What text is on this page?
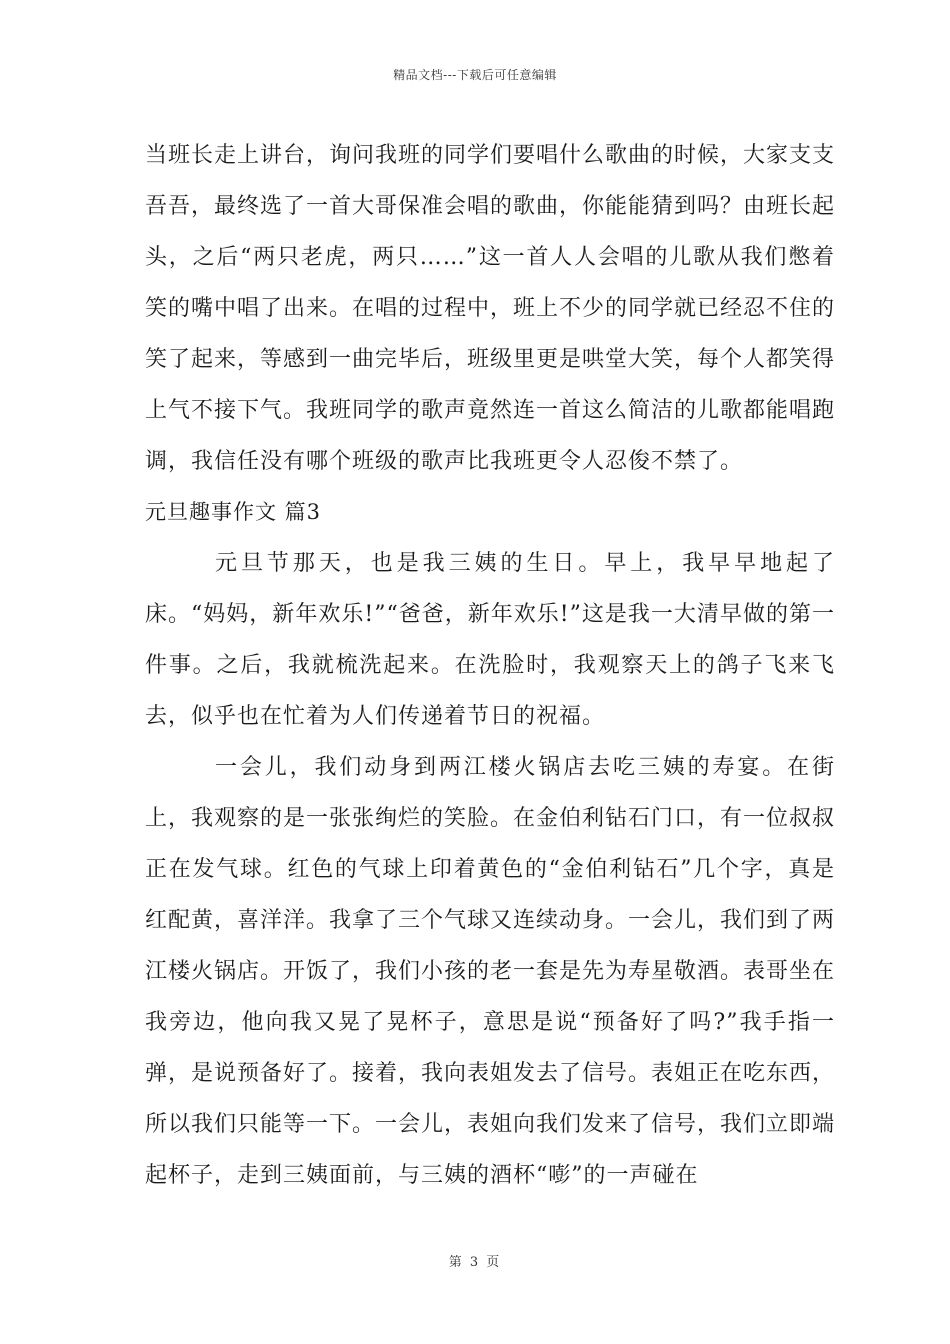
精品文档---下载后可任意编辑

当班长走上讲台，询问我班的同学们要唱什么歌曲的时候，大家支支吾吾，最终选了一首大哥保准会唱的歌曲，你能能猜到吗？由班长起头，之后“两只老虎，两只……”这一首人人会唱的儿歌从我们憋着笑的嘴中唱了出来。在唱的过程中，班上不少的同学就已经忍不住的笑了起来，等感到一曲完毕后，班级里更是哄堂大笑，每个人都笑得上气不接下气。我班同学的歌声竟然连一首这么简洁的儿歌都能唱跑调，我信任没有哪个班级的歌声比我班更令人忍俊不禁了。

元旦趣事作文 篇3

元旦节那天，也是我三姨的生日。早上，我早早地起了床。“妈妈，新年欢乐!”“爸爸，新年欢乐!”这是我一大清早做的第一件事。之后，我就梳洗起来。在洗脸时，我观察天上的鸽子飞来飞去，似乎也在忙着为人们传递着节日的祝福。

一会儿，我们动身到两江楼火锅店去吃三姨的寿宴。在街上，我观察的是一张张绚烂的笑脸。在金伯利钻石门口，有一位叔叔正在发气球。红色的气球上印着黄色的“金伯利钻石”几个字，真是红配黄，喜洋洋。我拿了三个气球又连续动身。一会儿，我们到了两江楼火锅店。开饭了，我们小孩的老一套是先为寿星敬酒。表哥坐在我旁边，他向我又晃了晃杯子，意思是说“预备好了吗?”我手指一弹，是说预备好了。接着，我向表姐发去了信号。表姐正在吃东西，所以我们只能等一下。一会儿，表姐向我们发来了信号，我们立即端起杯子，走到三姨面前，与三姨的酒杯“嘭”的一声碰在

第 3 页
